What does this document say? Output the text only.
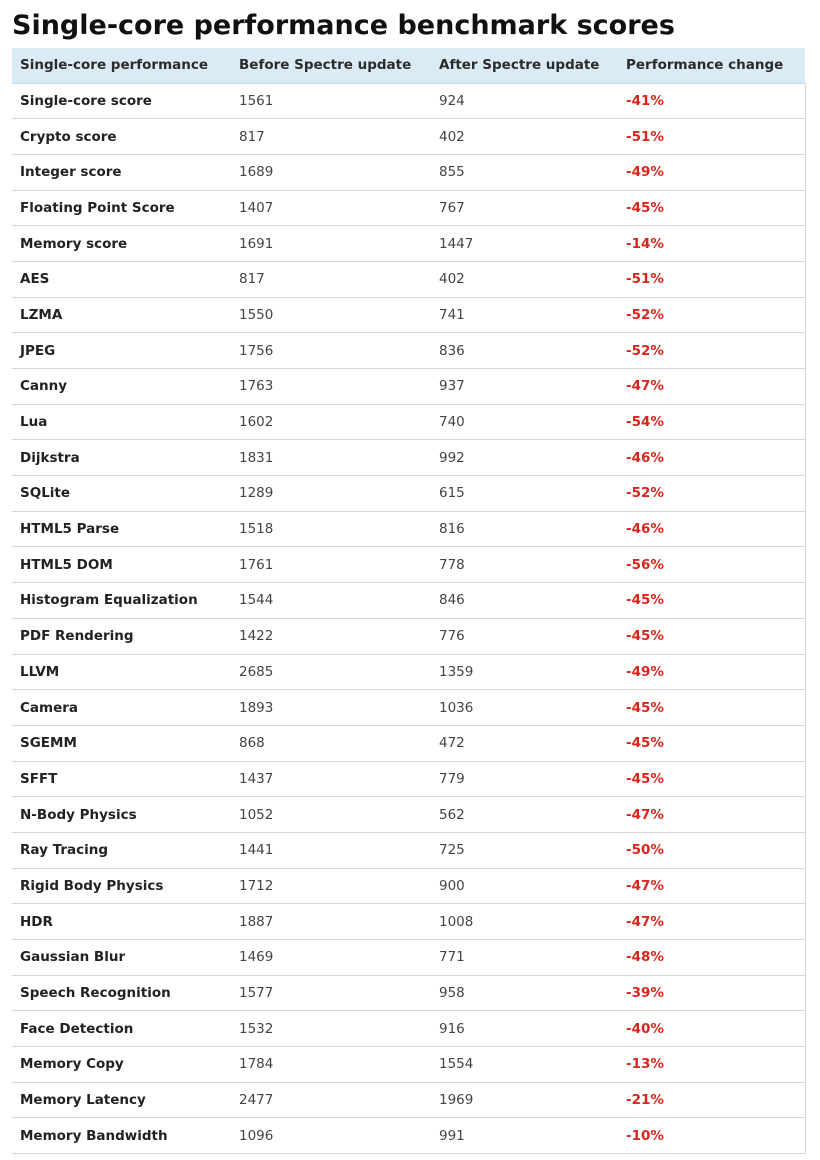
Single-core performance benchmark scores
Single-core performance	Before Spectre update	After Spectre update	Performance change
Single-core score	1561	924	-41%
Crypto score	817	402	-51%
Integer score	1689	855	-49%
Floating Point Score	1407	767	-45%
Memory score	1691	1447	-14%
AES	817	402	-51%
LZMA	1550	741	-52%
JPEG	1756	836	-52%
Canny	1763	937	-47%
Lua	1602	740	-54%
Dijkstra	1831	992	-46%
SQLite	1289	615	-52%
HTML5 Parse	1518	816	-46%
HTML5 DOM	1761	778	-56%
Histogram Equalization	1544	846	-45%
PDF Rendering	1422	776	-45%
LLVM	2685	1359	-49%
Camera	1893	1036	-45%
SGEMM	868	472	-45%
SFFT	1437	779	-45%
N-Body Physics	1052	562	-47%
Ray Tracing	1441	725	-50%
Rigid Body Physics	1712	900	-47%
HDR	1887	1008	-47%
Gaussian Blur	1469	771	-48%
Speech Recognition	1577	958	-39%
Face Detection	1532	916	-40%
Memory Copy	1784	1554	-13%
Memory Latency	2477	1969	-21%
Memory Bandwidth	1096	991	-10%
